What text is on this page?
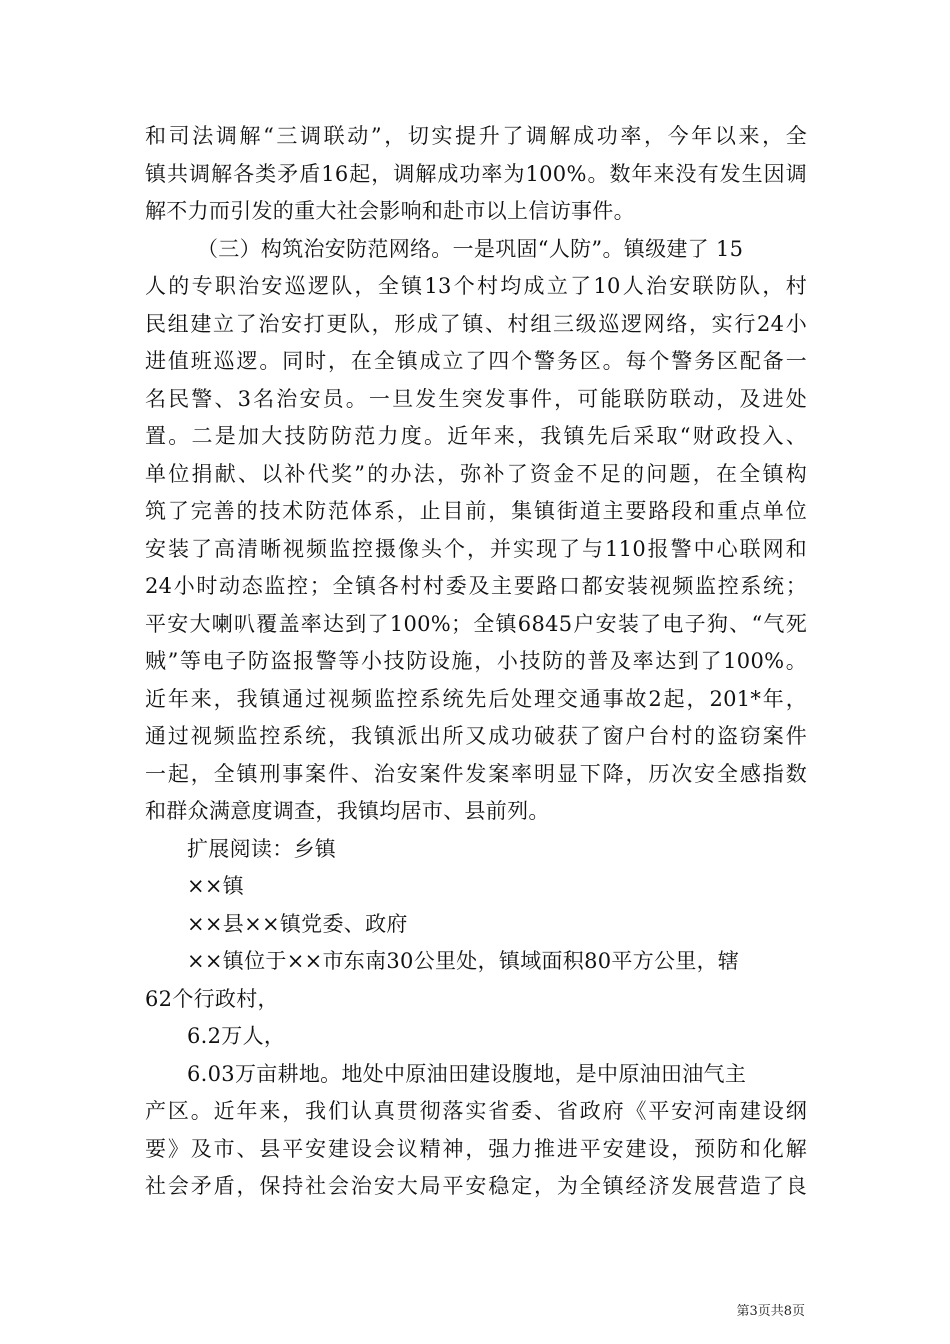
和司法调解“三调联动”，切实提升了调解成功率，今年以来，全
镇共调解各类矛盾16起，调解成功率为100%。数年来没有发生因调
解不力而引发的重大社会影响和赴市以上信访事件。
（三）构筑治安防范网络。一是巩固“人防”。镇级建了 15
人的专职治安巡逻队，全镇13个村均成立了10人治安联防队，村
民组建立了治安打更队，形成了镇、村组三级巡逻网络，实行24小
进值班巡逻。同时，在全镇成立了四个警务区。每个警务区配备一
名民警、3名治安员。一旦发生突发事件，可能联防联动，及进处
置。二是加大技防防范力度。近年来，我镇先后采取“财政投入、
单位捐献、以补代奖”的办法，弥补了资金不足的问题，在全镇构
筑了完善的技术防范体系，止目前，集镇街道主要路段和重点单位
安装了高清晰视频监控摄像头个，并实现了与110报警中心联网和
24小时动态监控；全镇各村村委及主要路口都安装视频监控系统；
平安大喇叭覆盖率达到了100%；全镇6845户安装了电子狗、“气死
贼”等电子防盗报警等小技防设施，小技防的普及率达到了100%。
近年来，我镇通过视频监控系统先后处理交通事故2起，201*年，
通过视频监控系统，我镇派出所又成功破获了窗户台村的盗窃案件
一起，全镇刑事案件、治安案件发案率明显下降，历次安全感指数
和群众满意度调查，我镇均居市、县前列。
扩展阅读：乡镇
××镇
××县××镇党委、政府
××镇位于××市东南30公里处，镇域面积80平方公里，辖
62个行政村，
6.2万人，
6.03万亩耕地。地处中原油田建设腹地，是中原油田油气主
产区。近年来，我们认真贯彻落实省委、省政府《平安河南建设纲
要》及市、县平安建设会议精神，强力推进平安建设，预防和化解
社会矛盾，保持社会治安大局平安稳定，为全镇经济发展营造了良
第3页共8页
